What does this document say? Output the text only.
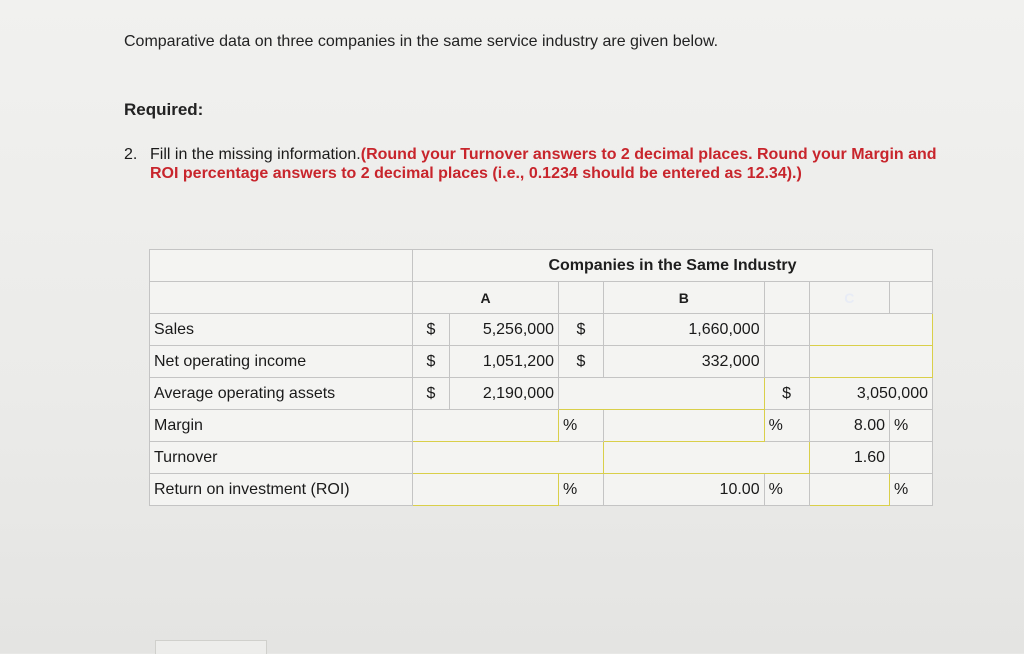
Comparative data on three companies in the same service industry are given below.
Required:
2. Fill in the missing information.(Round your Turnover answers to 2 decimal places. Round your Margin and ROI percentage answers to 2 decimal places (i.e., 0.1234 should be entered as 12.34).)
	Companies in the Same Industry						
	A			B		C	
Sales	$	5,256,000	$	1,660,000			
Net operating income	$	1,051,200	$	332,000			
Average operating assets	$	2,190,000			$	3,050,000	
Margin			%		%	8.00	%
Turnover						1.60	
Return on investment (ROI)			%	10.00	%		%
